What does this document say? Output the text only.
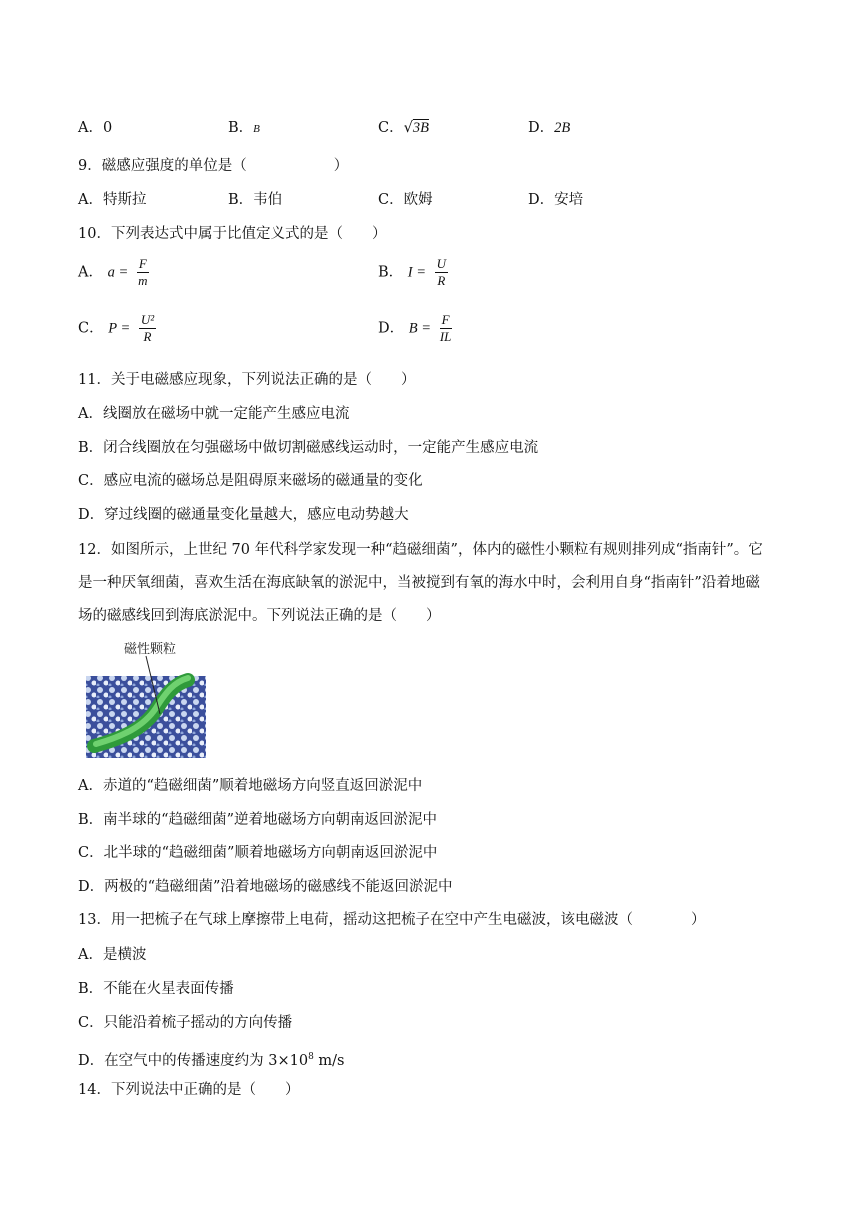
A．0	B．B	C．√3B	D．2B
9．磁感应强度的单位是（　　　　　　）
A．特斯拉	B．韦伯	C．欧姆	D．安培
10．下列表达式中属于比值定义式的是（　　）
A． $a = \frac{F}{m}$	B． $I = \frac{U}{R}$
C． $P = \frac{\text{U²}}{R}$	D． $B = \frac{F}{IL}$
11．关于电磁感应现象，下列说法正确的是（　　）
A．线圈放在磁场中就一定能产生感应电流
B．闭合线圈放在匀强磁场中做切割磁感线运动时，一定能产生感应电流
C．感应电流的磁场总是阻碍原来磁场的磁通量的变化
D．穿过线圈的磁通量变化量越大，感应电动势越大
12．如图所示，上世纪 70 年代科学家发现一种“趋磁细菌”，体内的磁性小颗粒有规则排列成“指南针”。它
是一种厌氧细菌，喜欢生活在海底缺氧的淤泥中，当被搅到有氧的海水中时，会利用自身“指南针”沿着地磁
场的磁感线回到海底淤泥中。下列说法正确的是（　　）
磁性颗粒
A．赤道的“趋磁细菌”顺着地磁场方向竖直返回淤泥中
B．南半球的“趋磁细菌”逆着地磁场方向朝南返回淤泥中
C．北半球的“趋磁细菌”顺着地磁场方向朝南返回淤泥中
D．两极的“趋磁细菌”沿着地磁场的磁感线不能返回淤泥中
13．用一把梳子在气球上摩擦带上电荷，摇动这把梳子在空中产生电磁波，该电磁波（　　　　）
A．是横波
B．不能在火星表面传播
C．只能沿着梳子摇动的方向传播
D．在空气中的传播速度约为 $3\times 10^8$ m/s
14．下列说法中正确的是（　　）
